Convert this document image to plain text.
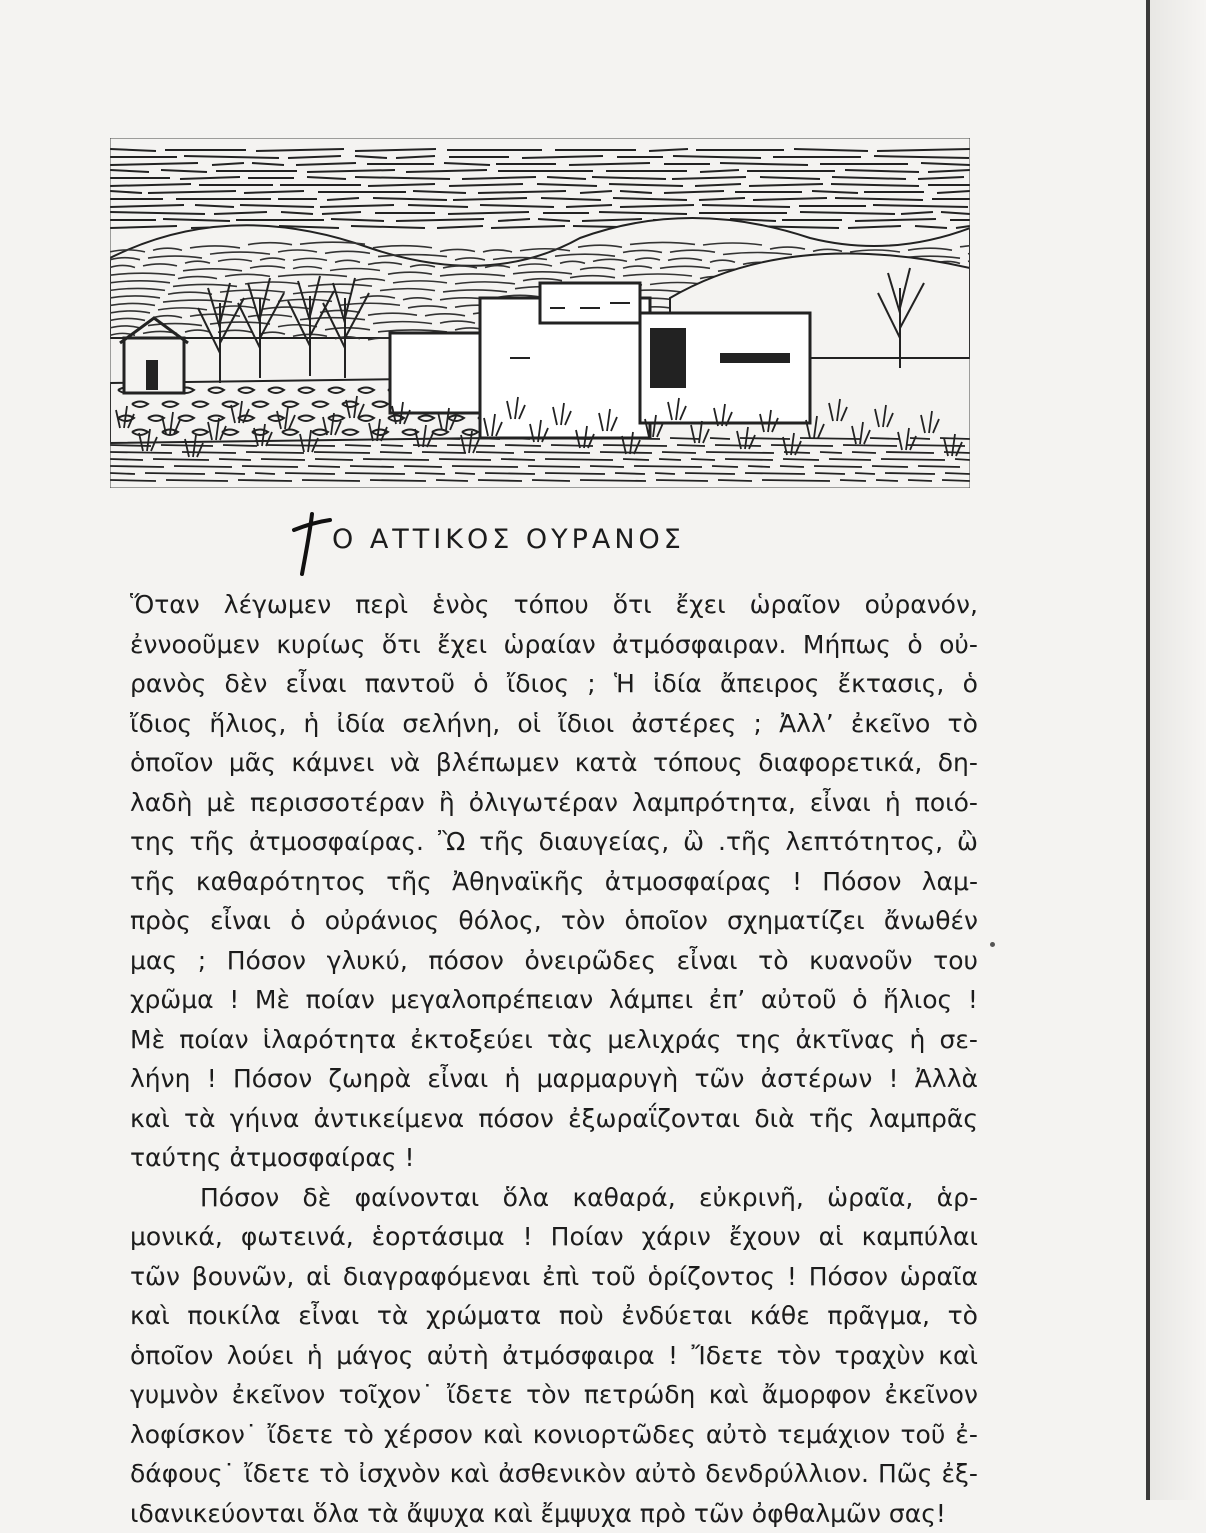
Ο ΑΤΤΙΚΟΣ ΟΥΡΑΝΟΣ
Ὅταν λέγωμεν περὶ ἑνὸς τόπου ὅτι ἔχει ὡραῖον οὐρανόν,
ἐννοοῦμεν κυρίως ὅτι ἔχει ὡραίαν ἀτμόσφαιραν. Μήπως ὁ οὐ-
ρανὸς δὲν εἶναι παντοῦ ὁ ἴδιος ; Ἡ ἰδία ἄπειρος ἔκτασις, ὁ
ἴδιος ἥλιος, ἡ ἰδία σελήνη, οἱ ἴδιοι ἀστέρες ; Ἀλλ’ ἐκεῖνο τὸ
ὁποῖον μᾶς κάμνει νὰ βλέπωμεν κατὰ τόπους διαφορετικά, δη-
λαδὴ μὲ περισσοτέραν ἢ ὀλιγωτέραν λαμπρότητα, εἶναι ἡ ποιό-
της τῆς ἀτμοσφαίρας. Ὢ τῆς διαυγείας, ὢ .τῆς λεπτότητος, ὢ
τῆς καθαρότητος τῆς Ἀθηναϊκῆς ἀτμοσφαίρας ! Πόσον λαμ-
πρὸς εἶναι ὁ οὐράνιος θόλος, τὸν ὁποῖον σχηματίζει ἄνωθέν
μας ; Πόσον γλυκύ, πόσον ὀνειρῶδες εἶναι τὸ κυανοῦν του
χρῶμα ! Μὲ ποίαν μεγαλοπρέπειαν λάμπει ἐπ’ αὐτοῦ ὁ ἥλιος !
Μὲ ποίαν ἱλαρότητα ἐκτοξεύει τὰς μελιχράς της ἀκτῖνας ἡ σε-
λήνη ! Πόσον ζωηρὰ εἶναι ἡ μαρμαρυγὴ τῶν ἀστέρων ! Ἀλλὰ
καὶ τὰ γήινα ἀντικείμενα πόσον ἐξωραΐζονται διὰ τῆς λαμπρᾶς
ταύτης ἀτμοσφαίρας !
Πόσον δὲ φαίνονται ὅλα καθαρά, εὐκρινῆ, ὡραῖα, ἁρ-
μονικά, φωτεινά, ἑορτάσιμα ! Ποίαν χάριν ἔχουν αἱ καμπύλαι
τῶν βουνῶν, αἱ διαγραφόμεναι ἐπὶ τοῦ ὁρίζοντος ! Πόσον ὡραῖα
καὶ ποικίλα εἶναι τὰ χρώματα ποὺ ἐνδύεται κάθε πρᾶγμα, τὸ
ὁποῖον λούει ἡ μάγος αὐτὴ ἀτμόσφαιρα ! Ἴδετε τὸν τραχὺν καὶ
γυμνὸν ἐκεῖνον τοῖχον˙ ἴδετε τὸν πετρώδη καὶ ἄμορφον ἐκεῖνον
λοφίσκον˙ ἴδετε τὸ χέρσον καὶ κονιορτῶδες αὐτὸ τεμάχιον τοῦ ἐ-
δάφους˙ ἴδετε τὸ ἰσχνὸν καὶ ἀσθενικὸν αὐτὸ δενδρύλλιον. Πῶς ἐξ-
ιδανικεύονται ὅλα τὰ ἄψυχα καὶ ἔμψυχα πρὸ τῶν ὀφθαλμῶν σας!
